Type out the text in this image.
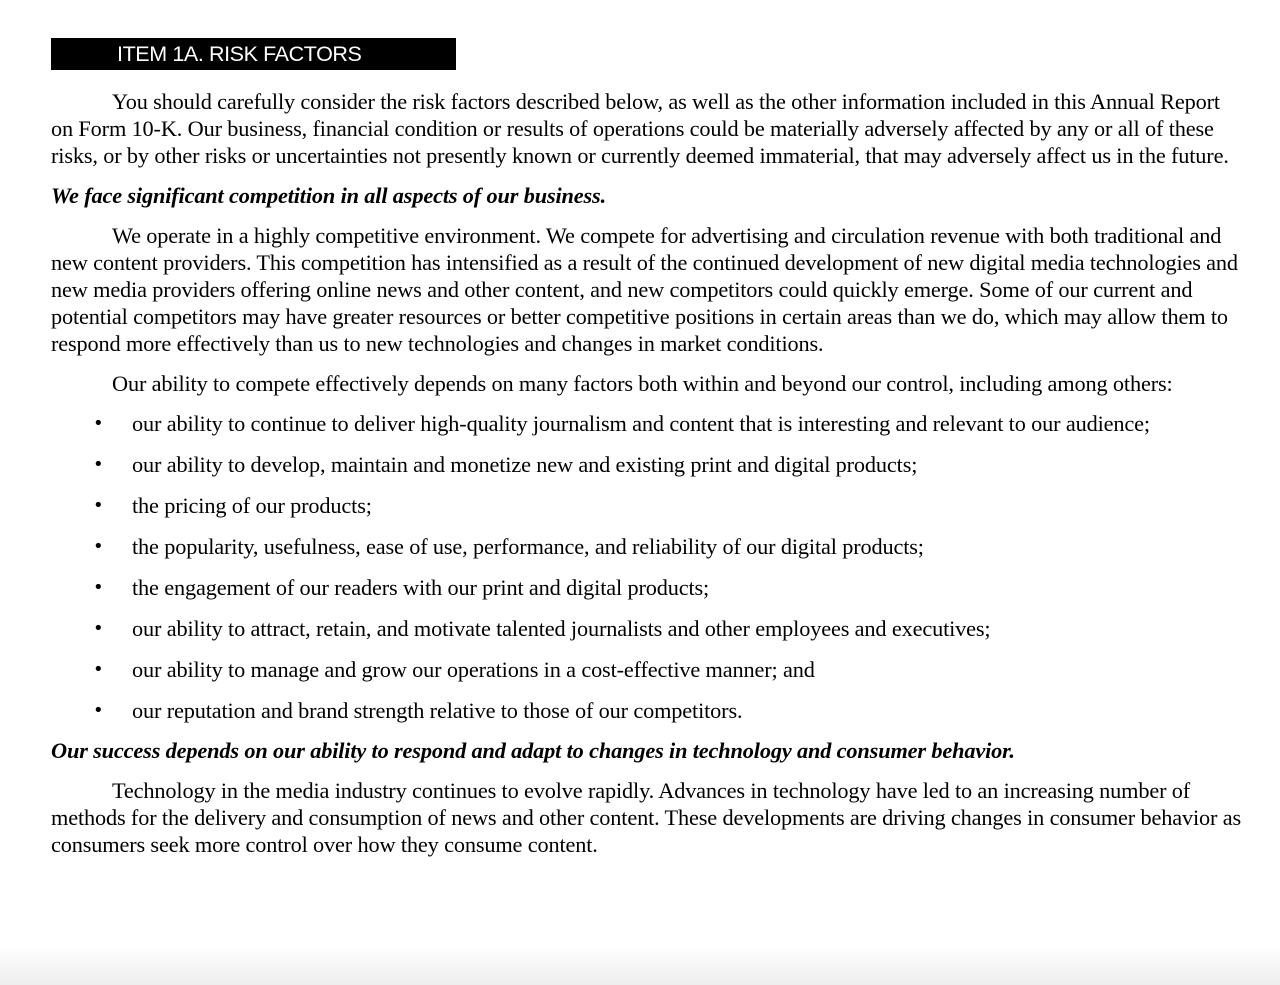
ITEM 1A. RISK FACTORS

You should carefully consider the risk factors described below, as well as the other information included in this Annual Report on Form 10-K. Our business, financial condition or results of operations could be materially adversely affected by any or all of these risks, or by other risks or uncertainties not presently known or currently deemed immaterial, that may adversely affect us in the future.

We face significant competition in all aspects of our business.

We operate in a highly competitive environment. We compete for advertising and circulation revenue with both traditional and new content providers. This competition has intensified as a result of the continued development of new digital media technologies and new media providers offering online news and other content, and new competitors could quickly emerge. Some of our current and potential competitors may have greater resources or better competitive positions in certain areas than we do, which may allow them to respond more effectively than us to new technologies and changes in market conditions.

Our ability to compete effectively depends on many factors both within and beyond our control, including among others:

• our ability to continue to deliver high-quality journalism and content that is interesting and relevant to our audience;
• our ability to develop, maintain and monetize new and existing print and digital products;
• the pricing of our products;
• the popularity, usefulness, ease of use, performance, and reliability of our digital products;
• the engagement of our readers with our print and digital products;
• our ability to attract, retain, and motivate talented journalists and other employees and executives;
• our ability to manage and grow our operations in a cost-effective manner; and
• our reputation and brand strength relative to those of our competitors.

Our success depends on our ability to respond and adapt to changes in technology and consumer behavior.

Technology in the media industry continues to evolve rapidly. Advances in technology have led to an increasing number of methods for the delivery and consumption of news and other content. These developments are driving changes in consumer behavior as consumers seek more control over how they consume content.
